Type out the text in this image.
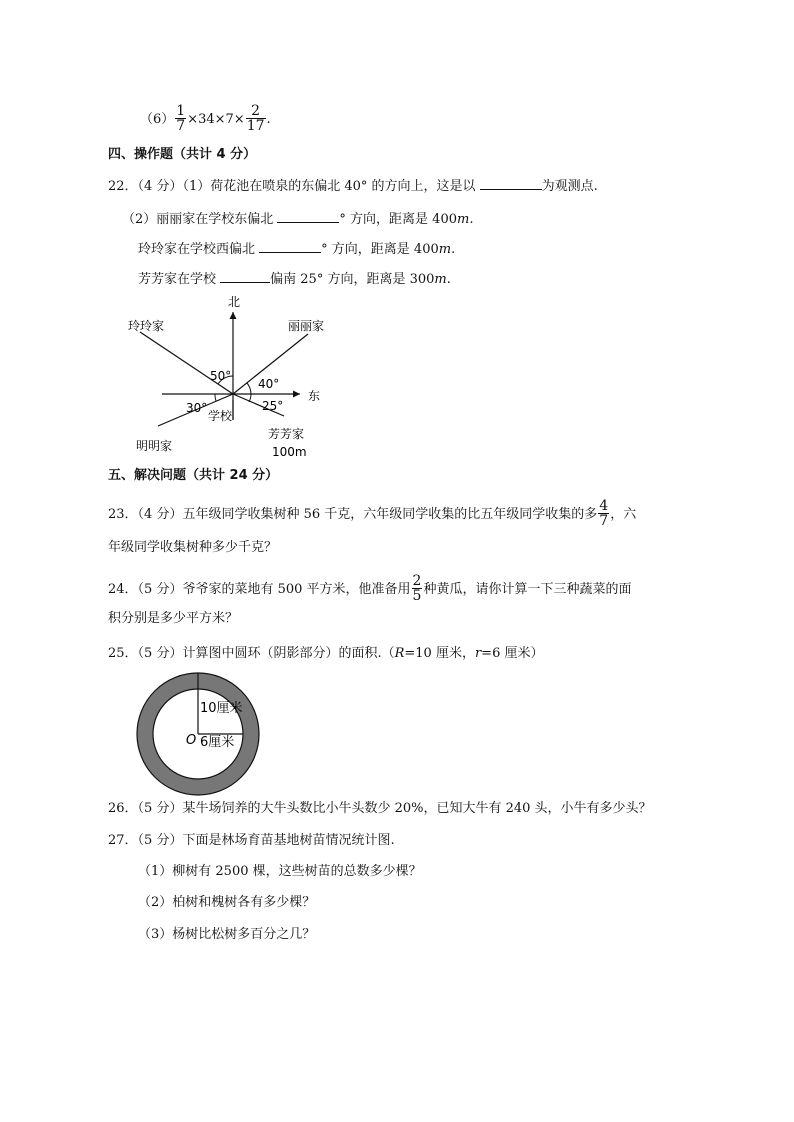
$(6) \frac{1}{7} \times 34\times 7\times \frac{2}{17}$ .
四、操作题（共计 4 分）
22．（4 分）（1）荷花池在喷泉的东偏北 40° 的方向上，这是以	为观测点.
（2）丽丽家在学校东偏北	° 方向，距离是 400m.
玲玲家在学校西偏北	° 方向，距离是 400m.
芳芳家在学校	偏南 25° 方向，距离是 300m.
北
东
学校
玲玲家	丽丽家
明明家
芳芳家
100m
50°
40°
30°	25°
五、解决问题（共计 24 分）
23．（4 分）五年级同学收集树种 56 千克，六年级同学收集的比五年级同学收集的多 $\frac{4}{7}$ ，六
年级同学收集树种多少千克？
24．（5 分）爷爷家的菜地有 500 平方米，他准备用 $\frac{2}{5}$ 种黄瓜，请你计算一下三种蔬菜的面
积分别是多少平方米？
25．（5 分）计算图中圆环（阴影部分）的面积.（R=10 厘米，r=6 厘米）
10厘米
6厘米
O
26．（5 分）某牛场饲养的大牛头数比小牛头数少 20%，已知大牛有 240 头，小牛有多少头？
27．（5 分）下面是林场育苗基地树苗情况统计图.
（1）柳树有 2500 棵，这些树苗的总数多少棵？
（2）柏树和槐树各有多少棵？
（3）杨树比松树多百分之几？
